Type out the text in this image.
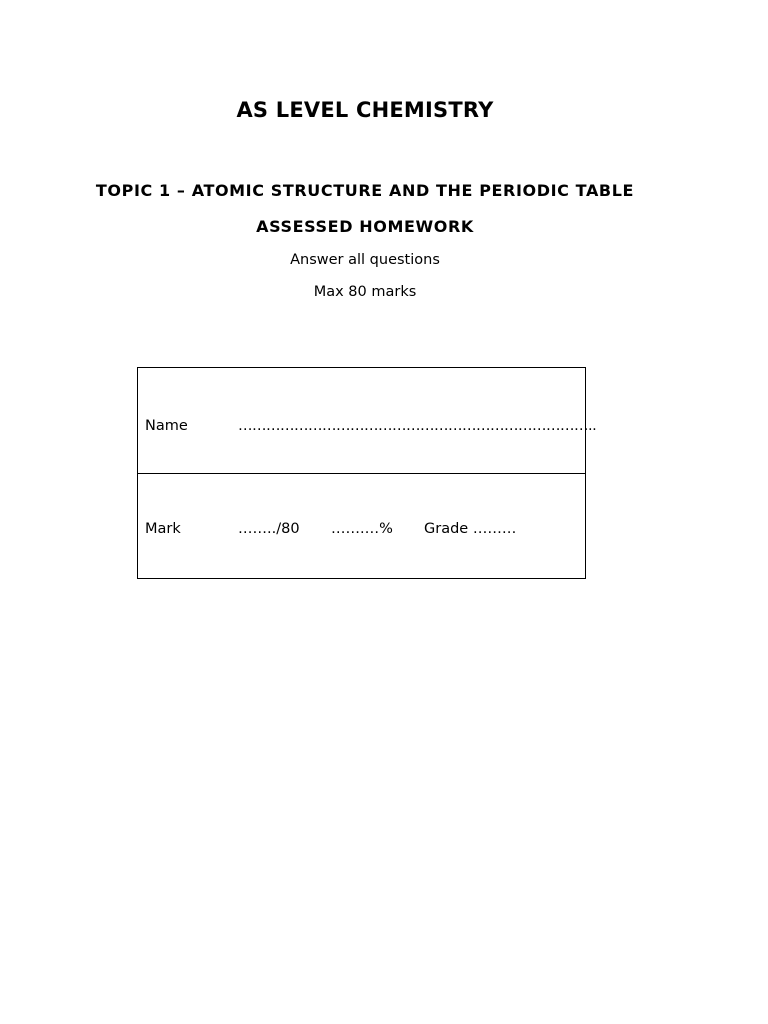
AS LEVEL CHEMISTRY
TOPIC 1 – ATOMIC STRUCTURE AND THE PERIODIC TABLE
ASSESSED HOMEWORK
Answer all questions
Max 80 marks
Name	…………………………………………………………………..
Mark	……../80 …….…% Grade ………
